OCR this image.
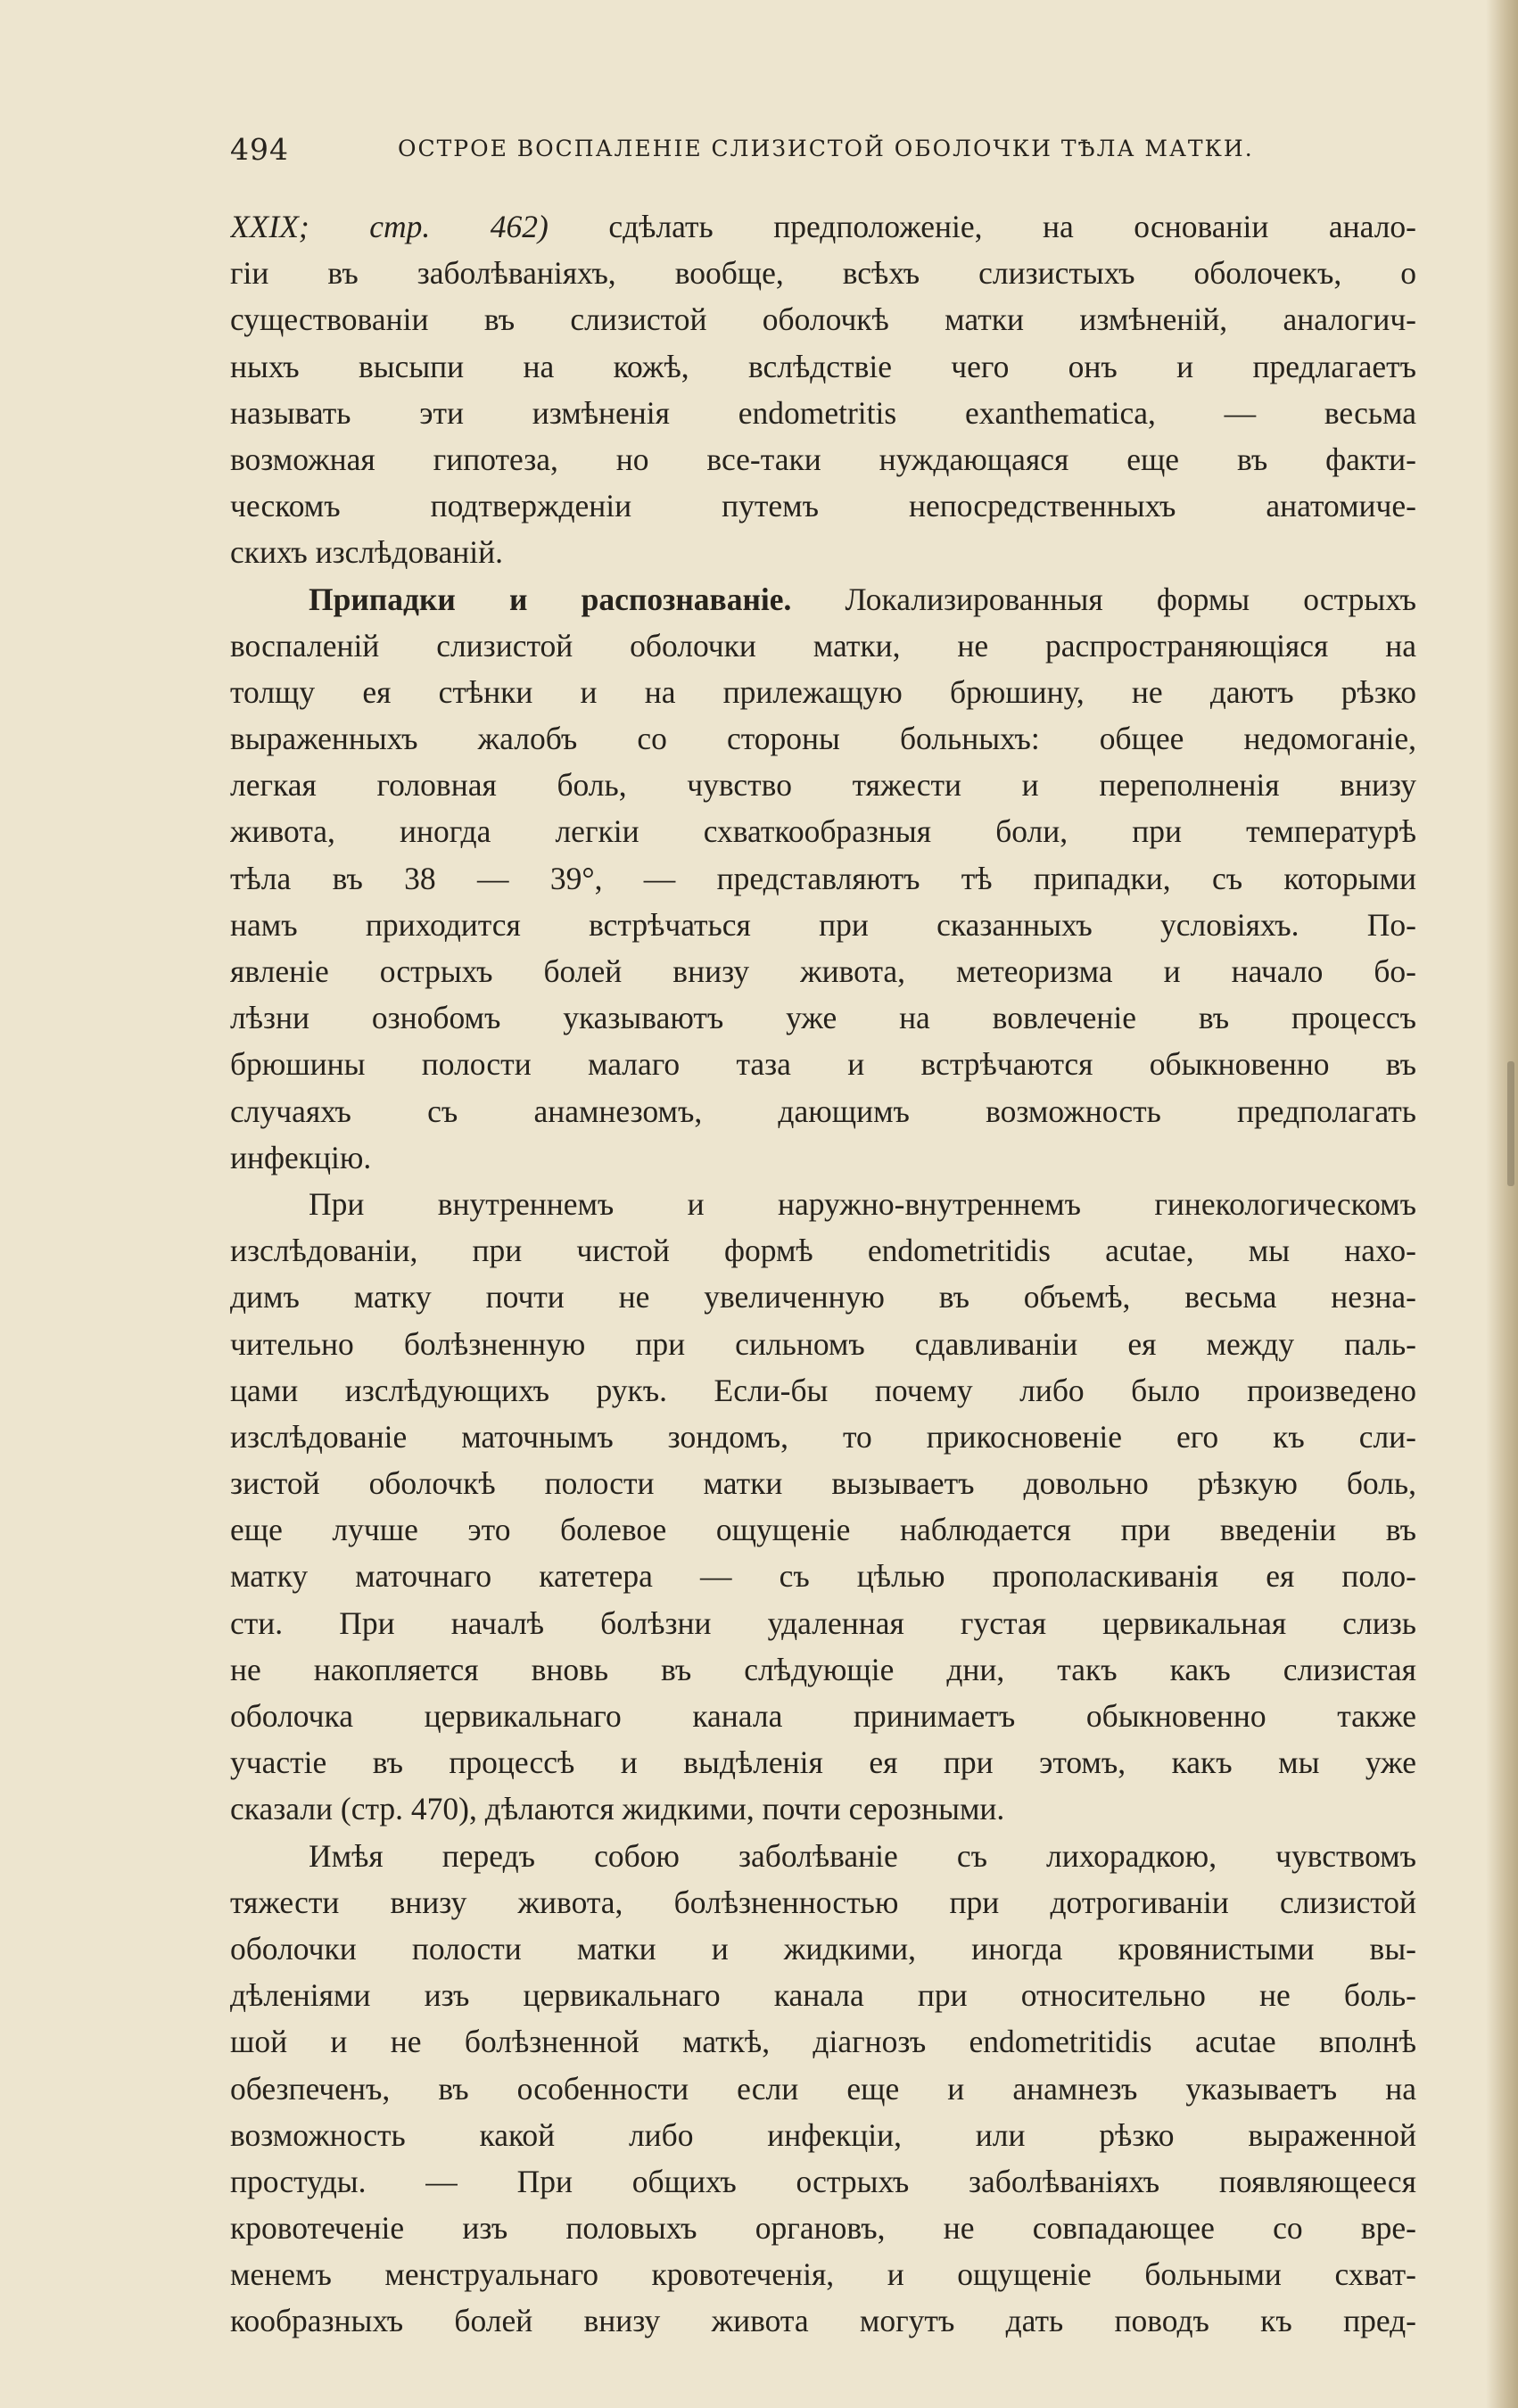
494	ОСТРОЕ ВОСПАЛЕНІЕ СЛИЗИСТОЙ ОБОЛОЧКИ ТѢЛА МАТКИ.
XXIX; стр. 462) сдѣлать предположеніе, на основаніи анало-
гіи въ заболѣваніяхъ, вообще, всѣхъ слизистыхъ оболочекъ, о
существованіи въ слизистой оболочкѣ матки измѣненій, аналогич-
ныхъ высыпи на кожѣ, вслѣдствіе чего онъ и предлагаетъ
называть эти измѣненія endometritis exanthematica, — весьма
возможная гипотеза, но все-таки нуждающаяся еще въ факти-
ческомъ подтвержденіи путемъ непосредственныхъ анатомиче-
скихъ изслѣдованій.
Припадки и распознаваніе. Локализированныя формы острыхъ
воспаленій слизистой оболочки матки, не распространяющіяся на
толщу ея стѣнки и на прилежащую брюшину, не даютъ рѣзко
выраженныхъ жалобъ со стороны больныхъ: общее недомоганіе,
легкая головная боль, чувство тяжести и переполненія внизу
живота, иногда легкіи схваткообразныя боли, при температурѣ
тѣла въ 38 — 39°, — представляютъ тѣ припадки, съ которыми
намъ приходится встрѣчаться при сказанныхъ условіяхъ. По-
явленіе острыхъ болей внизу живота, метеоризма и начало бо-
лѣзни ознобомъ указываютъ уже на вовлеченіе въ процессъ
брюшины полости малаго таза и встрѣчаются обыкновенно въ
случаяхъ съ анамнезомъ, дающимъ возможность предполагать
инфекцію.
При внутреннемъ и наружно-внутреннемъ гинекологическомъ
изслѣдованіи, при чистой формѣ endometritidis acutae, мы нахо-
димъ матку почти не увеличенную въ объемѣ, весьма незна-
чительно болѣзненную при сильномъ сдавливаніи ея между паль-
цами изслѣдующихъ рукъ. Если-бы почему либо было произведено
изслѣдованіе маточнымъ зондомъ, то прикосновеніе его къ сли-
зистой оболочкѣ полости матки вызываетъ довольно рѣзкую боль,
еще лучше это болевое ощущеніе наблюдается при введеніи въ
матку маточнаго катетера — съ цѣлью прополаскиванія ея поло-
сти. При началѣ болѣзни удаленная густая цервикальная слизь
не накопляется вновь въ слѣдующіе дни, такъ какъ слизистая
оболочка цервикальнаго канала принимаетъ обыкновенно также
участіе въ процессѣ и выдѣленія ея при этомъ, какъ мы уже
сказали (стр. 470), дѣлаются жидкими, почти серозными.
Имѣя передъ собою заболѣваніе съ лихорадкою, чувствомъ
тяжести внизу живота, болѣзненностью при дотрогиваніи слизистой
оболочки полости матки и жидкими, иногда кровянистыми вы-
дѣленіями изъ цервикальнаго канала при относительно не боль-
шой и не болѣзненной маткѣ, діагнозъ endometritidis acutae вполнѣ
обезпеченъ, въ особенности если еще и анамнезъ указываетъ на
возможность какой либо инфекціи, или рѣзко выраженной
простуды. — При общихъ острыхъ заболѣваніяхъ появляющееся
кровотеченіе изъ половыхъ органовъ, не совпадающее со вре-
менемъ менструальнаго кровотеченія, и ощущеніе больными схват-
кообразныхъ болей внизу живота могутъ дать поводъ къ пред-
